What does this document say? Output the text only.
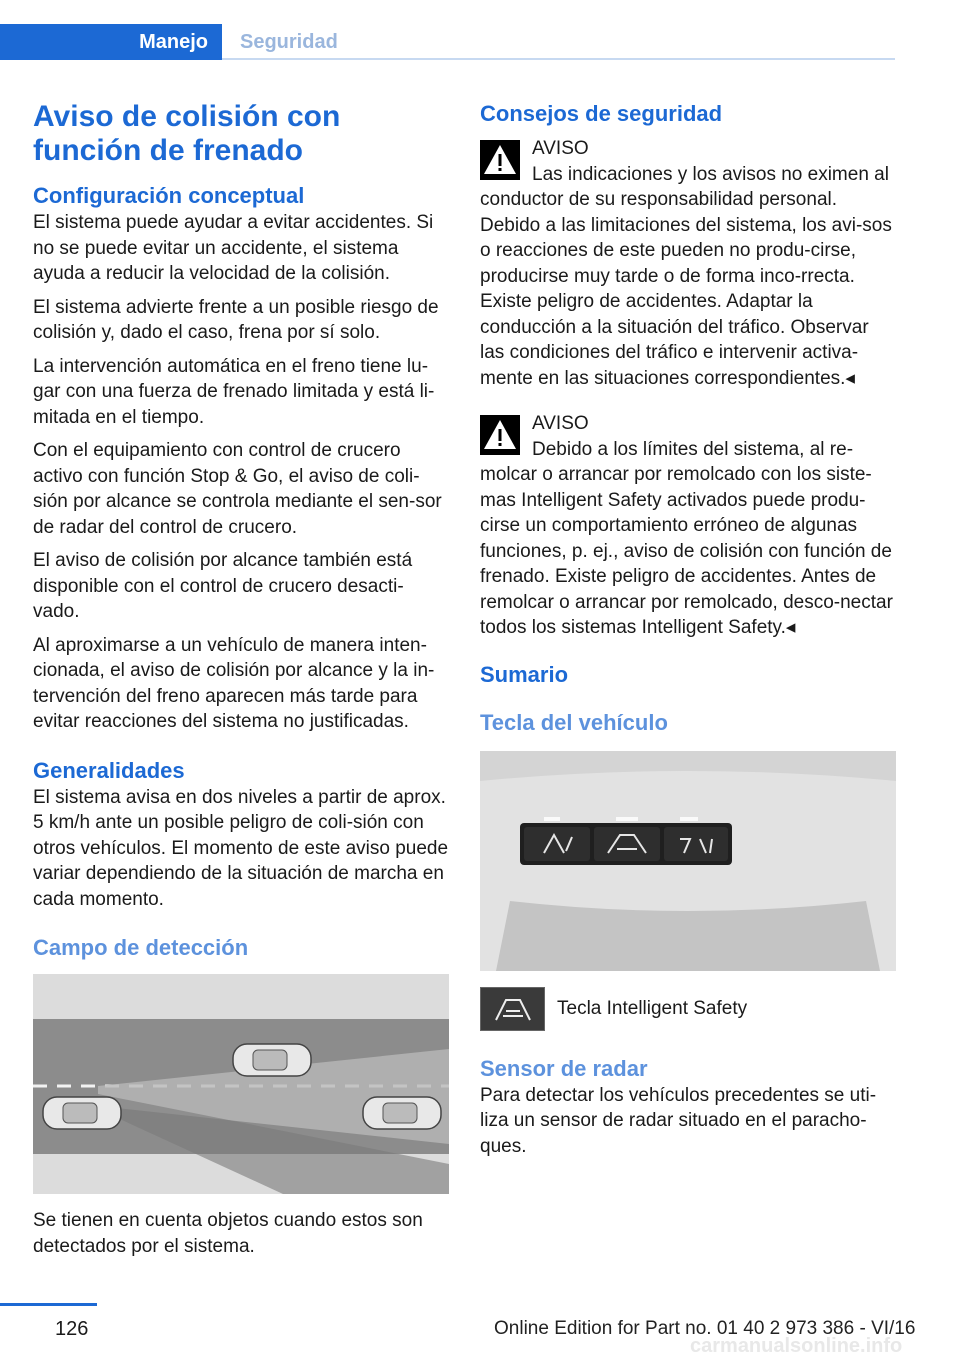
Manejo	Seguridad
Aviso de colisión con función de frenado
Configuración conceptual

El sistema puede ayudar a evitar accidentes. Si no se puede evitar un accidente, el sistema ayuda a reducir la velocidad de la colisión.

El sistema advierte frente a un posible riesgo de colisión y, dado el caso, frena por sí solo.

La intervención automática en el freno tiene lu-gar con una fuerza de frenado limitada y está li-mitada en el tiempo.

Con el equipamiento con control de crucero activo con función Stop & Go, el aviso de coli-sión por alcance se controla mediante el sen-sor de radar del control de crucero.

El aviso de colisión por alcance también está disponible con el control de crucero desacti-vado.

Al aproximarse a un vehículo de manera inten-cionada, el aviso de colisión por alcance y la in-tervención del freno aparecen más tarde para evitar reacciones del sistema no justificadas.

Generalidades

El sistema avisa en dos niveles a partir de aprox. 5 km/h ante un posible peligro de coli-sión con otros vehículos. El momento de este aviso puede variar dependiendo de la situación de marcha en cada momento.

Campo de detección

Se tienen en cuenta objetos cuando estos son detectados por el sistema.

Consejos de seguridad
AVISO

Las indicaciones y los avisos no eximen al conductor de su responsabilidad personal. Debido a las limitaciones del sistema, los avi-sos o reacciones de este pueden no produ-cirse, producirse muy tarde o de forma inco-rrecta. Existe peligro de accidentes. Adaptar la conducción a la situación del tráfico. Observar las condiciones del tráfico e intervenir activa-mente en las situaciones correspondientes.◂

AVISO

Debido a los límites del sistema, al re-molcar o arrancar por remolcado con los siste-mas Intelligent Safety activados puede produ-cirse un comportamiento erróneo de algunas funciones, p. ej., aviso de colisión con función de frenado. Existe peligro de accidentes. Antes de remolcar o arrancar por remolcado, desco-nectar todos los sistemas Intelligent Safety.◂

Sumario
Tecla del vehículo
Tecla Intelligent Safety
Sensor de radar

Para detectar los vehículos precedentes se uti-liza un sensor de radar situado en el paracho-ques.

126	Online Edition for Part no. 01 40 2 973 386 - VI/16
carmanualsonline.info
